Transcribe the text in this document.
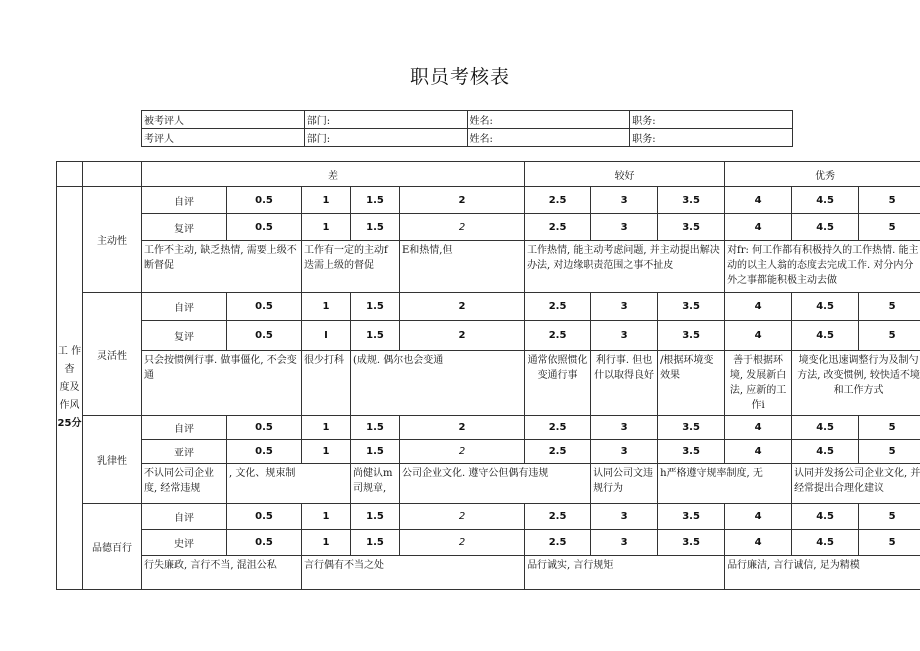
职员考核表
被考评人	部门:	姓名:	职务:
考评人	部门:	姓名:	职务:
		差					较好			优秀		
工 作
杳
度及
作风
25分	主动性	自评	0.5	1	1.5	2	2.5	3	3.5	4	4.5	5
		复评	0.5	1	1.5	2	2.5	3	3.5	4	4.5	5
		工作不主动, 缺乏热情, 需要上级不断督促		工作有一定的主动f迭需上级的督促		E和热情,但	工作热情, 能主动考虑问题, 并主动提出解决办法, 对边缘职责范围之事不扯皮			对fr: 何工作都有积极持久的工作热情. 能主动的以主人翁的态度去完成工作. 对分内分外之事都能积极主动去做		
	灵活性	自评	0.5	1	1.5	2	2.5	3	3.5	4	4.5	5
		复评	0.5	I	1.5	2	2.5	3	3.5	4	4.5	5
		只会按惯例行事. 做事僵化, 不会变通		很少打科	(成规. 偶尔也会变通		通常依照惯化变通行事	利行事. 但也什以取得良好	/根据环境变效果	善于根据环境, 发展新白法, 应新的工作i	境变化迅速调整行为及制勺方法, 改变惯例, 较快适不境和工作方式	
	乳律性	自评	0.5	1	1.5	2	2.5	3	3.5	4	4.5	5
		亚评	0.5	1	1.5	2	2.5	3	3.5	4	4.5	5
		不认同公司企业度, 经常违规	, 文化、规束制		尚健认m司规章,	公司企业文化. 遵守公但偶有违规		认同公司文违规行为	h严格遵守规率制度, 无		认同并发扬公司企业文化, 并经常提出合理化建议	
	品德百行	自评	0.5	1	1.5	2	2.5	3	3.5	4	4.5	5
		史评	0.5	1	1.5	2	2.5	3	3.5	4	4.5	5
		行失廉政, 言行不当, 混沮公私		言行偶有不当之处			品行诚实, 言行规矩			品行廉洁, 言行诚信, 足为精模		
